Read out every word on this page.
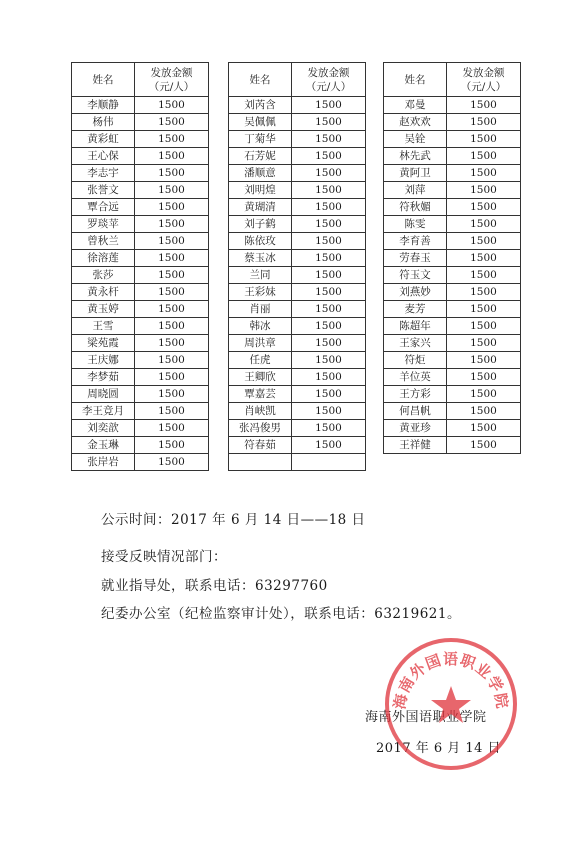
姓名	发放金额
（元/人）
李顺静	1500
杨伟	1500
黄彩虹	1500
王心保	1500
李志宇	1500
张誉文	1500
覃合远	1500
罗琰苹	1500
曾秋兰	1500
徐溶莲	1500
张莎	1500
黄永杆	1500
黄玉婷	1500
王雪	1500
梁苑霞	1500
王庆娜	1500
李梦茹	1500
周晓圆	1500
李王竞月	1500
刘奕歆	1500
金玉琳	1500
张岸岩	1500
姓名	发放金额
（元/人）
刘芮含	1500
吴佩佩	1500
丁菊华	1500
石芳妮	1500
潘顺意	1500
刘明煌	1500
黄瑚清	1500
刘子鹤	1500
陈依玫	1500
蔡玉冰	1500
兰同	1500
王彩妹	1500
肖丽	1500
韩冰	1500
周洪章	1500
任虎	1500
王卿欣	1500
覃嘉芸	1500
肖峡凯	1500
张冯俊男	1500
符春茹	1500

姓名	发放金额
（元/人）
邓曼	1500
赵欢欢	1500
吴铨	1500
林先武	1500
黄阿卫	1500
刘萍	1500
符秋媚	1500
陈雯	1500
李育善	1500
劳春玉	1500
符玉文	1500
刘燕妙	1500
麦芳	1500
陈超年	1500
王家兴	1500
符炬	1500
羊位英	1500
王方彩	1500
何昌帆	1500
黄亚珍	1500
王祥健	1500
公示时间：2017 年 6 月 14 日——18 日
接受反映情况部门：
就业指导处，联系电话：63297760
纪委办公室（纪检监察审计处），联系电话：63219621。
海南外国语职业学院
2017 年 6 月 14 日
海南外国语职业学院
